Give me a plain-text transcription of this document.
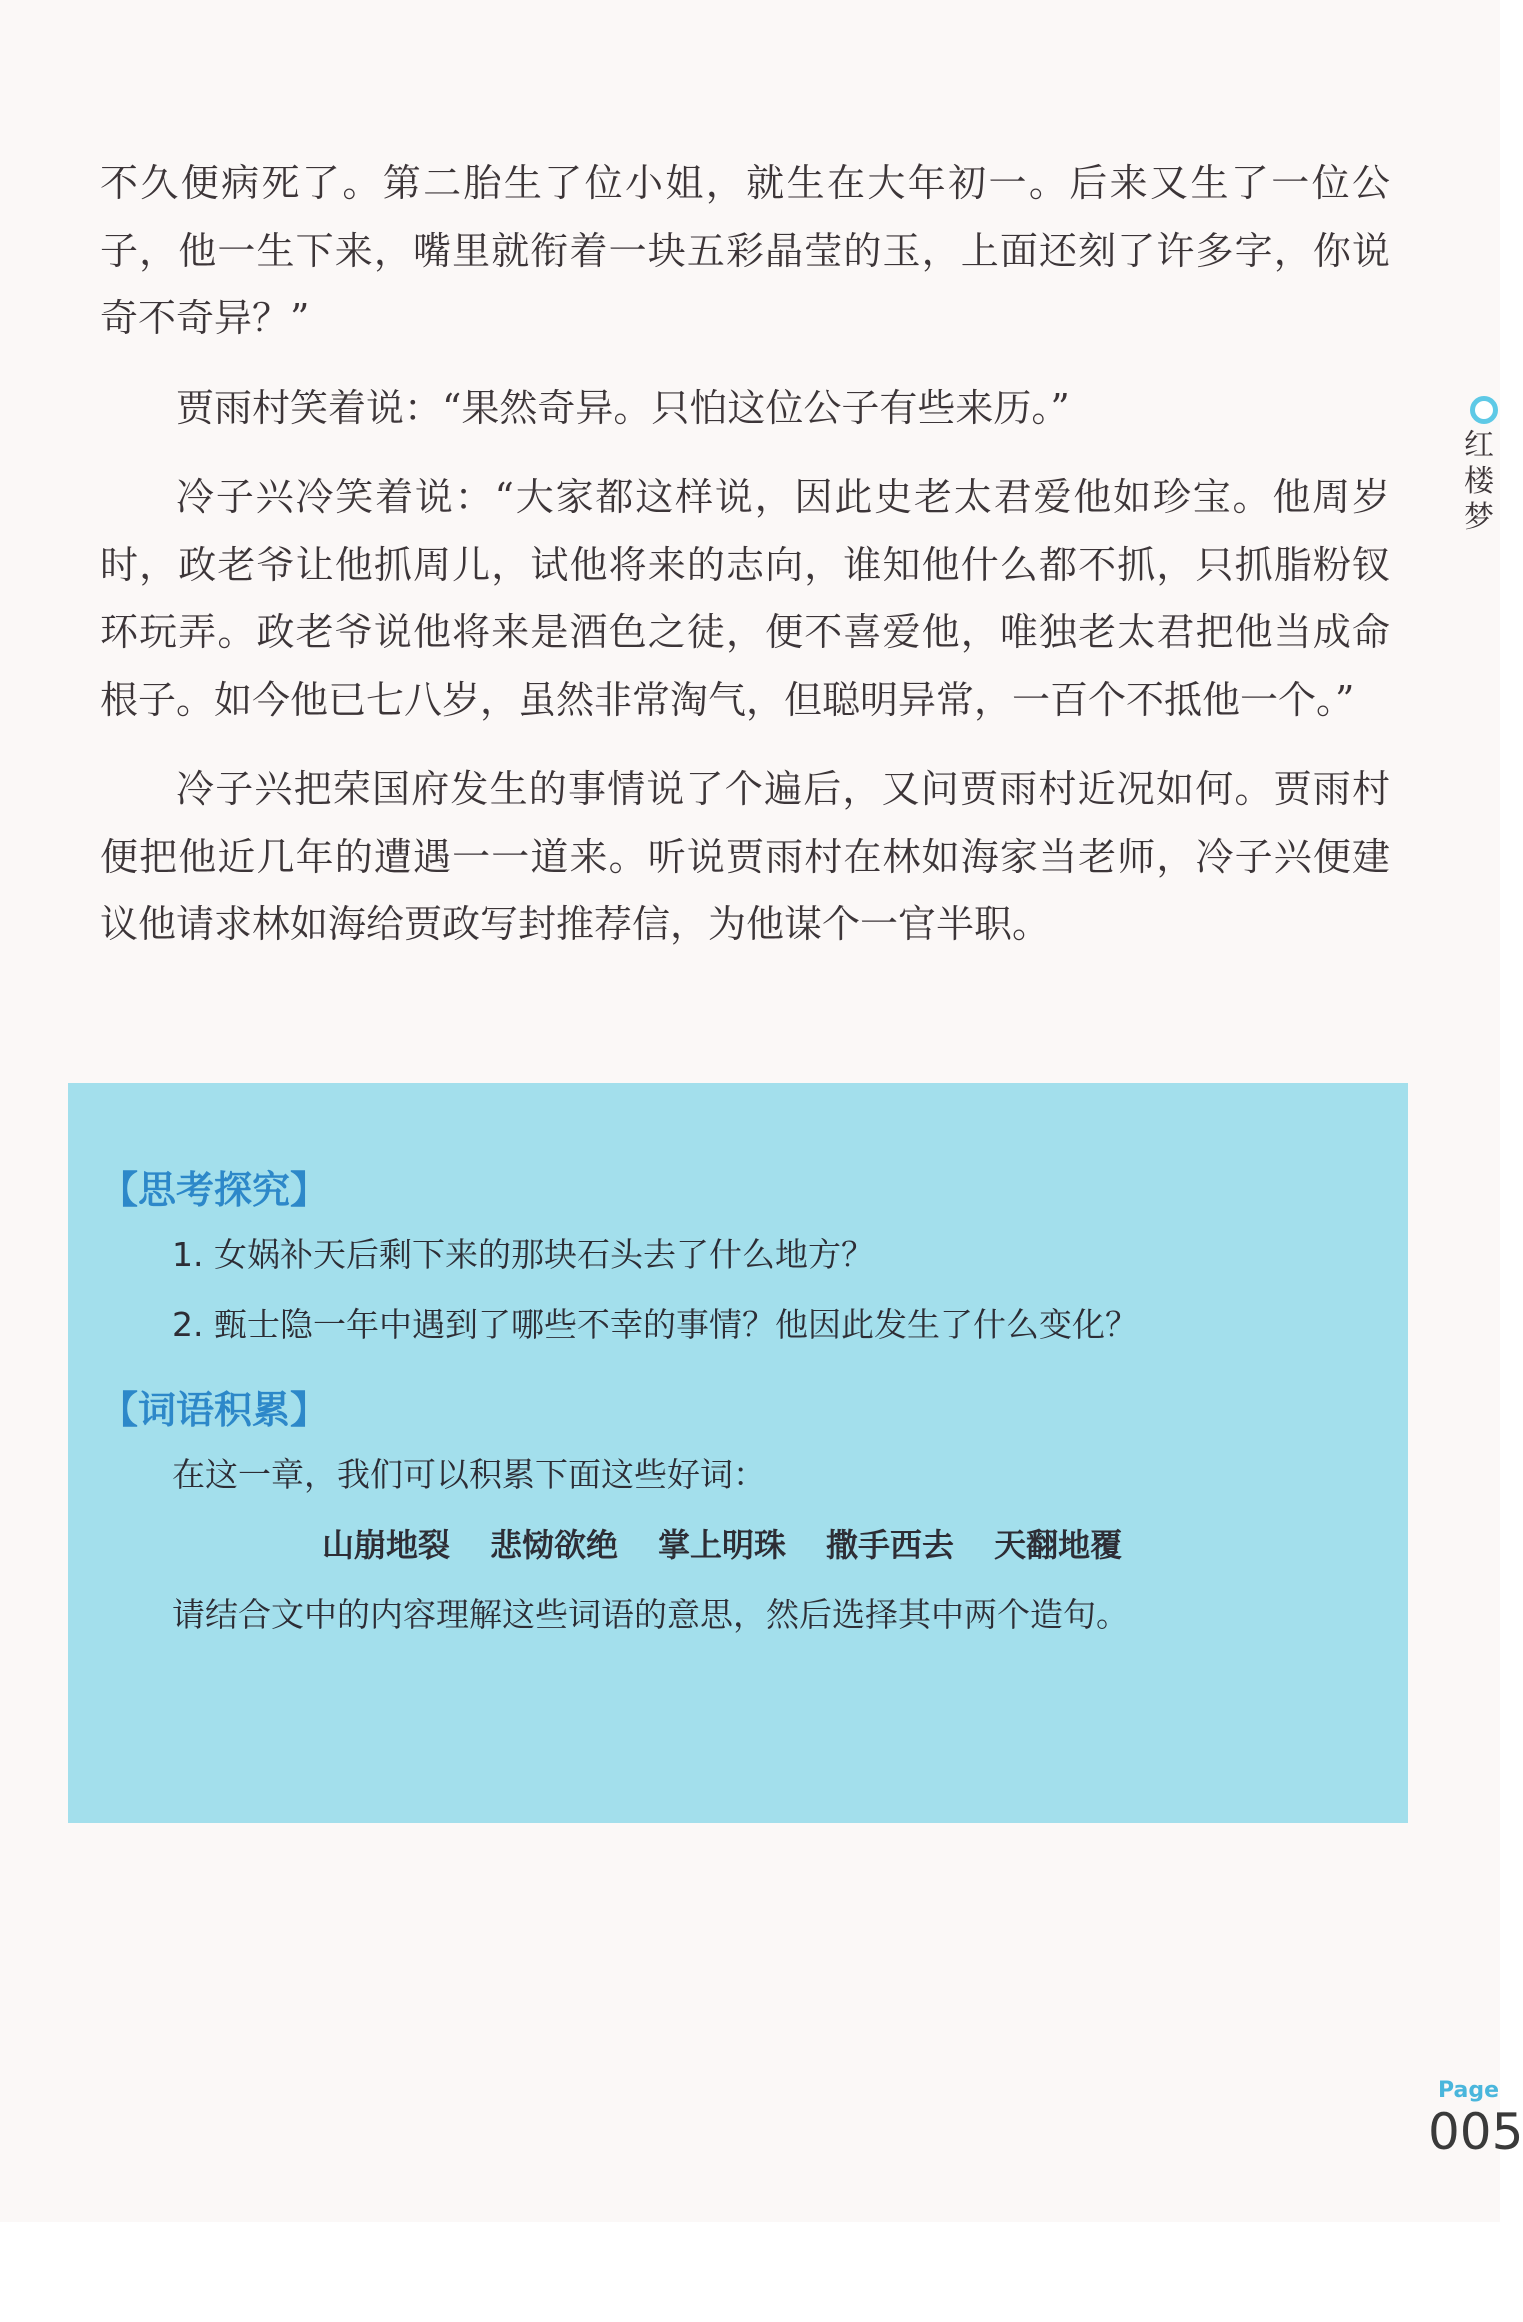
不久便病死了。第二胎生了位小姐，就生在大年初一。后来又生了一位公子，他一生下来，嘴里就衔着一块五彩晶莹的玉，上面还刻了许多字，你说奇不奇异？”

贾雨村笑着说：“果然奇异。只怕这位公子有些来历。”

冷子兴冷笑着说：“大家都这样说，因此史老太君爱他如珍宝。他周岁时，政老爷让他抓周儿，试他将来的志向，谁知他什么都不抓，只抓脂粉钗环玩弄。政老爷说他将来是酒色之徒，便不喜爱他，唯独老太君把他当成命根子。如今他已七八岁，虽然非常淘气，但聪明异常，一百个不抵他一个。”

冷子兴把荣国府发生的事情说了个遍后，又问贾雨村近况如何。贾雨村便把他近几年的遭遇一一道来。听说贾雨村在林如海家当老师，冷子兴便建议他请求林如海给贾政写封推荐信，为他谋个一官半职。

红楼梦
【思考探究】
1. 女娲补天后剩下来的那块石头去了什么地方？
2. 甄士隐一年中遇到了哪些不幸的事情？他因此发生了什么变化？
【词语积累】
在这一章，我们可以积累下面这些好词：
山崩地裂 悲恸欲绝 掌上明珠 撒手西去 天翻地覆
请结合文中的内容理解这些词语的意思，然后选择其中两个造句。
Page
005
